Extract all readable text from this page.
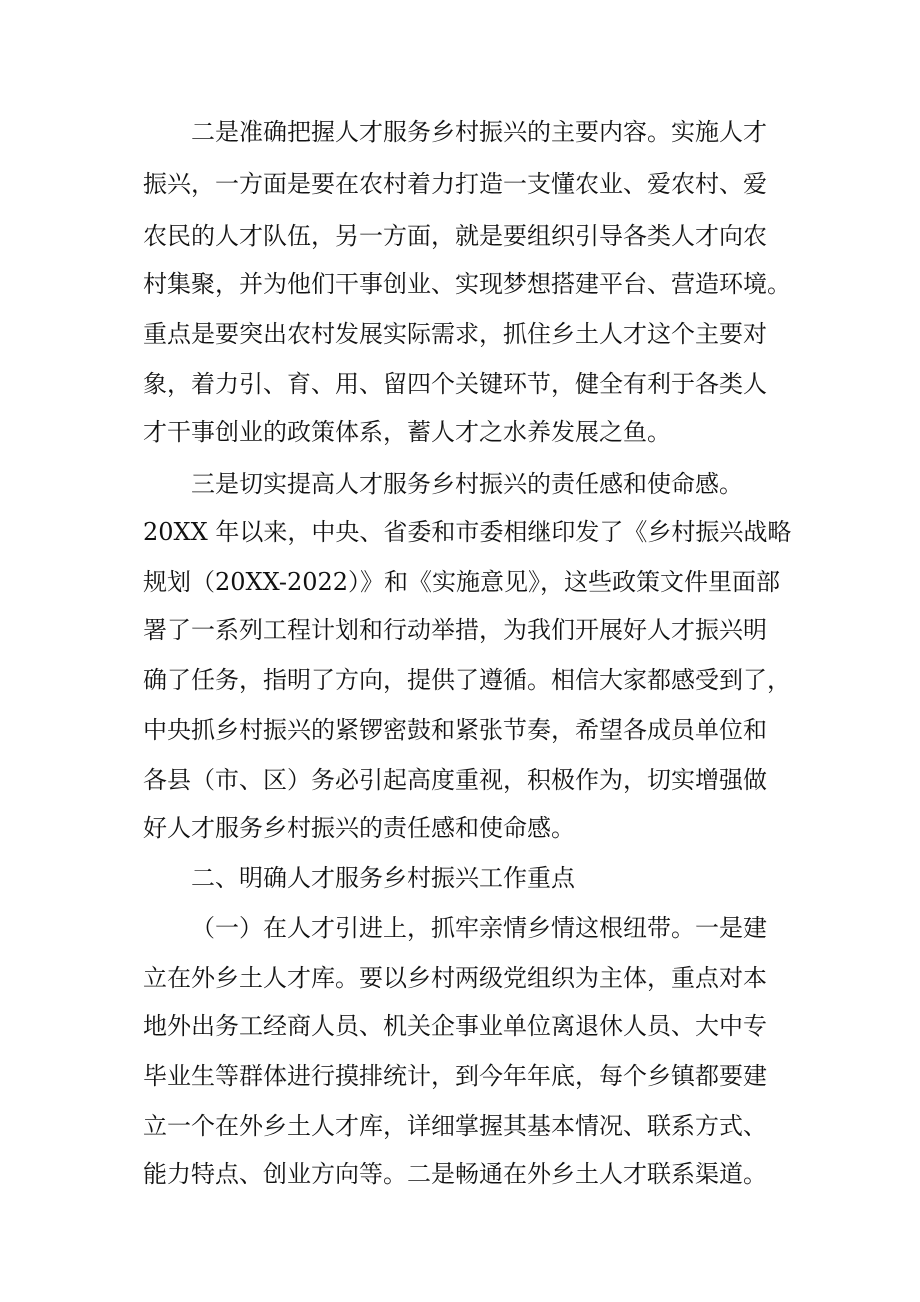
二是准确把握人才服务乡村振兴的主要内容。实施人才
振兴，一方面是要在农村着力打造一支懂农业、爱农村、爱
农民的人才队伍，另一方面，就是要组织引导各类人才向农
村集聚，并为他们干事创业、实现梦想搭建平台、营造环境。
重点是要突出农村发展实际需求，抓住乡土人才这个主要对
象，着力引、育、用、留四个关键环节，健全有利于各类人
才干事创业的政策体系，蓄人才之水养发展之鱼。
三是切实提高人才服务乡村振兴的责任感和使命感。
20XX 年以来，中央、省委和市委相继印发了《乡村振兴战略
规划（20XX-2022）》和《实施意见》，这些政策文件里面部
署了一系列工程计划和行动举措，为我们开展好人才振兴明
确了任务，指明了方向，提供了遵循。相信大家都感受到了，
中央抓乡村振兴的紧锣密鼓和紧张节奏，希望各成员单位和
各县（市、区）务必引起高度重视，积极作为，切实增强做
好人才服务乡村振兴的责任感和使命感。
二、明确人才服务乡村振兴工作重点
（一）在人才引进上，抓牢亲情乡情这根纽带。一是建
立在外乡土人才库。要以乡村两级党组织为主体，重点对本
地外出务工经商人员、机关企事业单位离退休人员、大中专
毕业生等群体进行摸排统计，到今年年底，每个乡镇都要建
立一个在外乡土人才库，详细掌握其基本情况、联系方式、
能力特点、创业方向等。二是畅通在外乡土人才联系渠道。
